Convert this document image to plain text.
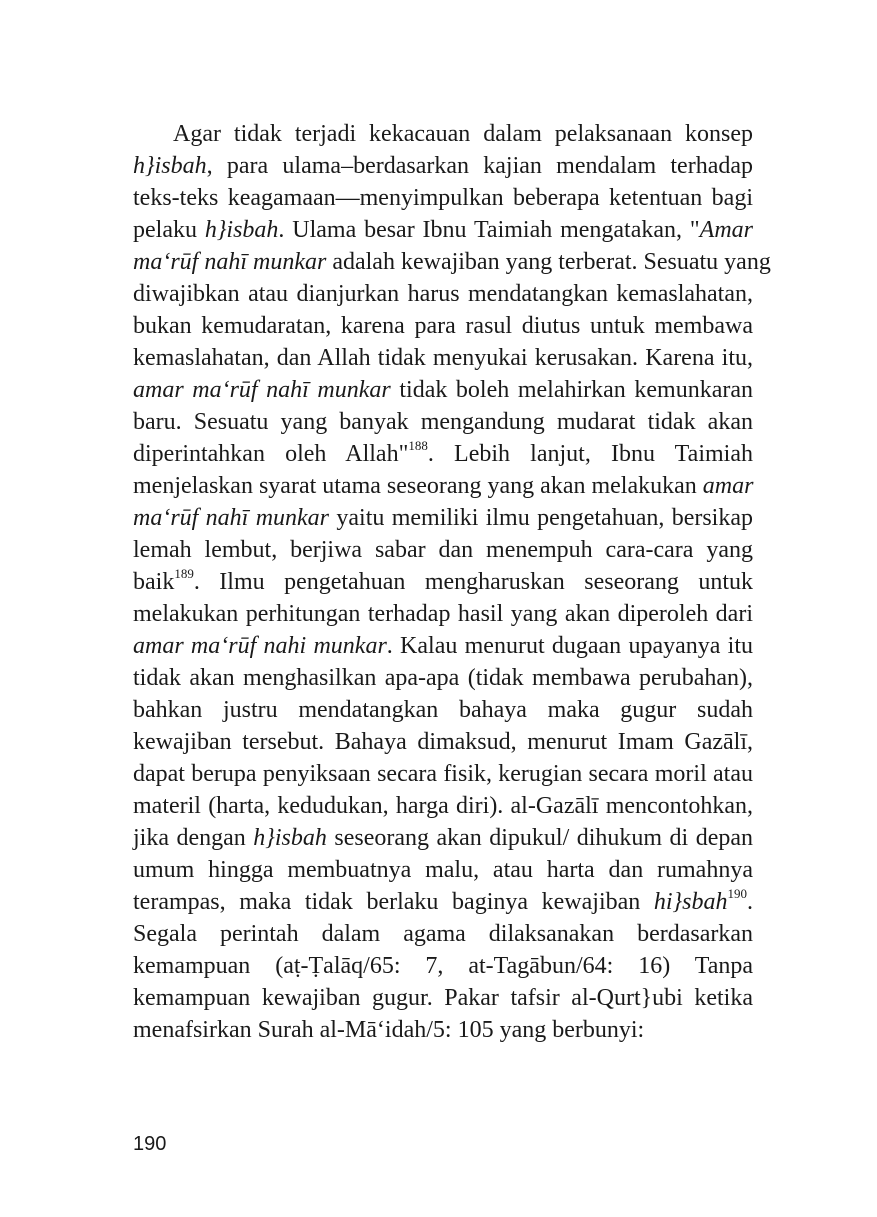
Agar tidak terjadi kekacauan dalam pelaksanaan konsep
h}isbah, para ulama–berdasarkan kajian mendalam terhadap
teks-teks keagamaan—menyimpulkan beberapa ketentuan bagi
pelaku h}isbah. Ulama besar Ibnu Taimiah mengatakan, "Amar
ma‘rūf nahī munkar adalah kewajiban yang terberat. Sesuatu yang
diwajibkan atau dianjurkan harus mendatangkan kemaslahatan,
bukan kemudaratan, karena para rasul diutus untuk membawa
kemaslahatan, dan Allah tidak menyukai kerusakan. Karena itu,
amar ma‘rūf nahī munkar tidak boleh melahirkan kemunkaran
baru. Sesuatu yang banyak mengandung mudarat tidak akan
diperintahkan oleh Allah"$^{188}$. Lebih lanjut, Ibnu Taimiah
menjelaskan syarat utama seseorang yang akan melakukan amar
ma‘rūf nahī munkar yaitu memiliki ilmu pengetahuan, bersikap
lemah lembut, berjiwa sabar dan menempuh cara-cara yang
baik$^{189}$. Ilmu pengetahuan mengharuskan seseorang untuk
melakukan perhitungan terhadap hasil yang akan diperoleh dari
amar ma‘rūf nahi munkar. Kalau menurut dugaan upayanya itu
tidak akan menghasilkan apa-apa (tidak membawa perubahan),
bahkan justru mendatangkan bahaya maka gugur sudah
kewajiban tersebut. Bahaya dimaksud, menurut Imam Gazālī,
dapat berupa penyiksaan secara fisik, kerugian secara moril atau
materil (harta, kedudukan, harga diri). al-Gazālī mencontohkan,
jika dengan h}isbah seseorang akan dipukul/ dihukum di depan
umum hingga membuatnya malu, atau harta dan rumahnya
terampas, maka tidak berlaku baginya kewajiban hi}sbah$^{190}$.
Segala perintah dalam agama dilaksanakan berdasarkan
kemampuan (aṭ-Ṭalāq/65: 7, at-Tagābun/64: 16) Tanpa
kemampuan kewajiban gugur. Pakar tafsir al-Qurt}ubi ketika
menafsirkan Surah al-Mā‘idah/5: 105 yang berbunyi:
190
